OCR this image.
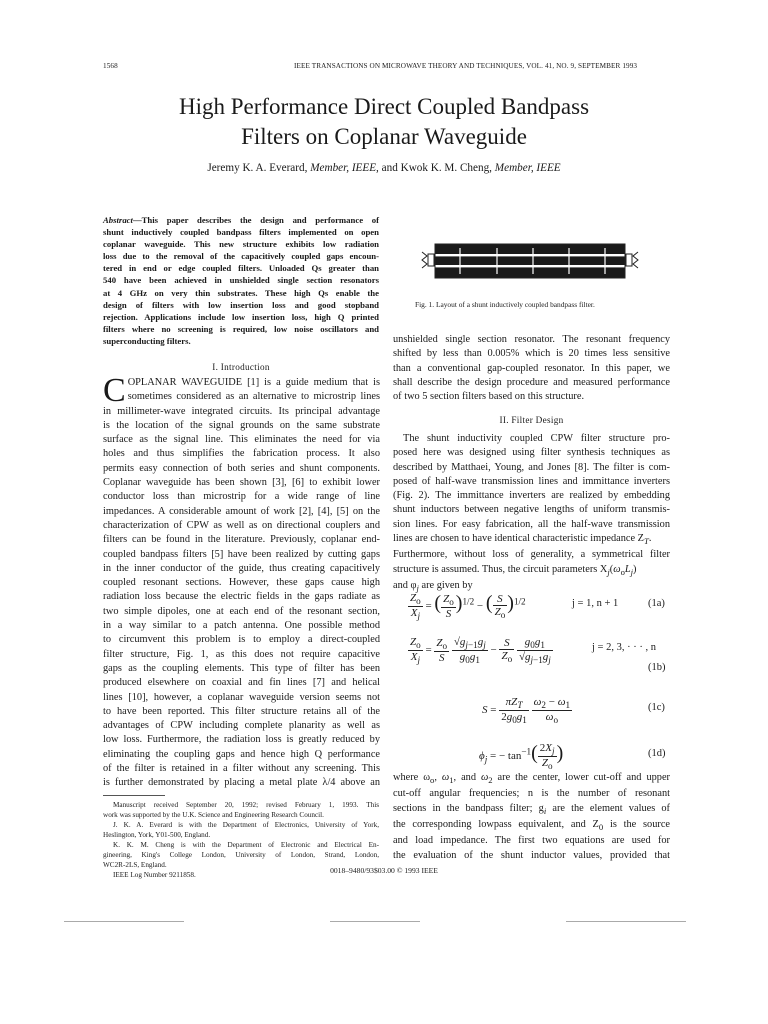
1568	IEEE TRANSACTIONS ON MICROWAVE THEORY AND TECHNIQUES, VOL. 41, NO. 9, SEPTEMBER 1993
High Performance Direct Coupled Bandpass
Filters on Coplanar Waveguide
Jeremy K. A. Everard, Member, IEEE, and Kwok K. M. Cheng, Member, IEEE
Abstract—This paper describes the design and performance of
shunt inductively coupled bandpass filters implemented on open
coplanar waveguide. This new structure exhibits low radiation
loss due to the removal of the capacitively coupled gaps encoun-
tered in end or edge coupled filters. Unloaded Qs greater than
540 have been achieved in unshielded single section resonators
at 4 GHz on very thin substrates. These high Qs enable the
design of filters with low insertion loss and good stopband
rejection. Applications include low insertion loss, high Q printed
filters where no screening is required, low noise oscillators and
superconducting filters.
I. Introduction
C OPLANAR WAVEGUIDE [1] is a guide medium that is
sometimes considered as an alternative to microstrip lines
in millimeter-wave integrated circuits. Its principal advantage
is the location of the signal grounds on the same substrate
surface as the signal line. This eliminates the need for via
holes and thus simplifies the fabrication process. It also
permits easy connection of both series and shunt components.
Coplanar waveguide has been shown [3], [6] to exhibit lower
conductor loss than microstrip for a wide range of line
impedances. A considerable amount of work [2], [4], [5] on the
characterization of CPW as well as on directional couplers and
filters can be found in the literature. Previously, coplanar end-
coupled bandpass filters [5] have been realized by cutting gaps
in the inner conductor of the guide, thus creating capacitively
coupled resonant sections. However, these gaps cause high
radiation loss because the electric fields in the gaps radiate as
two simple dipoles, one at each end of the resonant section,
in a way similar to a patch antenna. One possible method
to circumvent this problem is to employ a direct-coupled
filter structure, Fig. 1, as this does not require capacitive
gaps as the coupling elements. This type of filter has been
produced elsewhere on coaxial and fin lines [7] and helical
lines [10], however, a coplanar waveguide version seems not
to have been reported. This filter structure retains all of the
advantages of CPW including complete planarity as well as
low loss. Furthermore, the radiation loss is greatly reduced by
eliminating the coupling gaps and hence high Q performance
of the filter is retained in a filter without any screening. This
is further demonstrated by placing a metal plate λ/4 above an
Manuscript received September 20, 1992; revised February 1, 1993. This
work was supported by the U.K. Science and Engineering Research Council.
J. K. A. Everard is with the Department of Electronics, University of York,
Heslington, York, Y01-500, England.
K. K. M. Cheng is with the Department of Electronic and Electrical En-
gineering, King's College London, University of London, Strand, London,
WC2R-2LS, England.
IEEE Log Number 9211858.
Fig. 1. Layout of a shunt inductively coupled bandpass filter.
unshielded single section resonator. The resonant frequency
shifted by less than 0.005% which is 20 times less sensitive
than a conventional gap-coupled resonator. In this paper, we
shall describe the design procedure and measured performance
of two 5 section filters based on this structure.
II. Filter Design
The shunt inductivity coupled CPW filter structure pro-
posed here was designed using filter synthesis techniques as
described by Matthaei, Young, and Jones [8]. The filter is com-
posed of half-wave transmission lines and immittance inverters
(Fig. 2). The immittance inverters are realized by embedding
shunt inductors between negative lengths of uniform transmis-
sion lines. For easy fabrication, all the half-wave transmission
lines are chosen to have identical characteristic impedance $Z_T$.
Furthermore, without loss of generality, a symmetrical filter
structure is assumed. Thus, the circuit parameters $X_j(\omega_oL_j)$
and $\varphi_j$ are given by
$\frac{Z_o}{X_j}$ = ( $\frac{Z_o}{S} )^{1/2}$ − ( $\frac{S}{Z_o} )^{1/2}$	j = 1, n + 1	(1a)
$\frac{Z_o}{X_j} = \frac{Z_o}{S}$
$\frac{√g_{j-1}g_j}{g_0g_1} - \frac{S}{Z_o}$
$\frac{g_0g_1}{√g_{j-1}g_j}$	j = 2, 3, · · · , n
(1b)
$S = \frac{\pi Z_T}{2g_0g_1}$
$\frac{\omega_2 - \omega_1}{\omega_o}$	(1c)
$\phi_j$ = − $\tan^{-1}( \frac{2X_j}{Z_o}$ )	(1d)
where $\omega_o$, $\omega_1$, and $\omega_2$ are the center, lower cut-off and upper
cut-off angular frequencies; n is the number of resonant
sections in the bandpass filter; $g_i$ are the element values of
the corresponding lowpass equivalent, and $Z_0$ is the source
and load impedance. The first two equations are used for
the evaluation of the shunt inductor values, provided that
0018–9480/93$03.00 © 1993 IEEE
